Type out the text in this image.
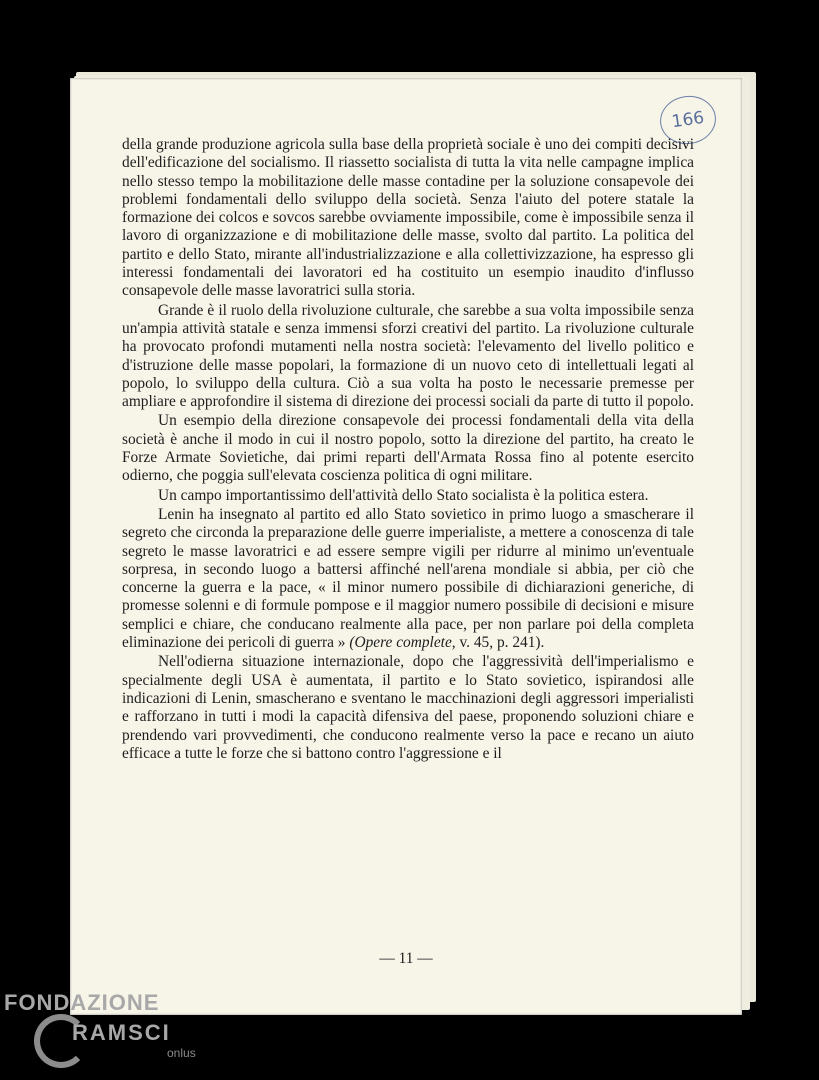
166

della grande produzione agricola sulla base della proprietà sociale è uno dei compiti decisivi dell'edificazione del socialismo. Il riassetto socialista di tutta la vita nelle campagne implica nello stesso tempo la mobilitazione delle masse contadine per la soluzione consapevole dei problemi fondamentali dello sviluppo della società. Senza l'aiuto del potere statale la formazione dei colcos e sovcos sarebbe ovviamente impossibile, come è impossibile senza il lavoro di organizzazione e di mobilitazione delle masse, svolto dal partito. La politica del partito e dello Stato, mirante all'industrializzazione e alla collettivizzazione, ha espresso gli interessi fondamentali dei lavoratori ed ha costituito un esempio inaudito d'influsso consapevole delle masse lavoratrici sulla storia.

Grande è il ruolo della rivoluzione culturale, che sarebbe a sua volta impossibile senza un'ampia attività statale e senza immensi sforzi creativi del partito. La rivoluzione culturale ha provocato profondi mutamenti nella nostra società: l'elevamento del livello politico e d'istruzione delle masse popolari, la formazione di un nuovo ceto di intellettuali legati al popolo, lo sviluppo della cultura. Ciò a sua volta ha posto le necessarie premesse per ampliare e approfondire il sistema di direzione dei processi sociali da parte di tutto il popolo.

Un esempio della direzione consapevole dei processi fondamentali della vita della società è anche il modo in cui il nostro popolo, sotto la direzione del partito, ha creato le Forze Armate Sovietiche, dai primi reparti dell'Armata Rossa fino al potente esercito odierno, che poggia sull'elevata coscienza politica di ogni militare.

Un campo importantissimo dell'attività dello Stato socialista è la politica estera.

Lenin ha insegnato al partito ed allo Stato sovietico in primo luogo a smascherare il segreto che circonda la preparazione delle guerre imperialiste, a mettere a conoscenza di tale segreto le masse lavoratrici e ad essere sempre vigili per ridurre al minimo un'eventuale sorpresa, in secondo luogo a battersi affinché nell'arena mondiale si abbia, per ciò che concerne la guerra e la pace, « il minor numero possibile di dichiarazioni generiche, di promesse solenni e di formule pompose e il maggior numero possibile di decisioni e misure semplici e chiare, che conducano realmente alla pace, per non parlare poi della completa eliminazione dei pericoli di guerra » (Opere complete, v. 45, p. 241).

Nell'odierna situazione internazionale, dopo che l'aggressività dell'imperialismo e specialmente degli USA è aumentata, il partito e lo Stato sovietico, ispirandosi alle indicazioni di Lenin, smascherano e sventano le macchinazioni degli aggressori imperialisti e rafforzano in tutti i modi la capacità difensiva del paese, proponendo soluzioni chiare e prendendo vari provvedimenti, che conducono realmente verso la pace e recano un aiuto efficace a tutte le forze che si battono contro l'aggressione e il

— 11 —
FONDAZIONE
RAMSCI
onlus
